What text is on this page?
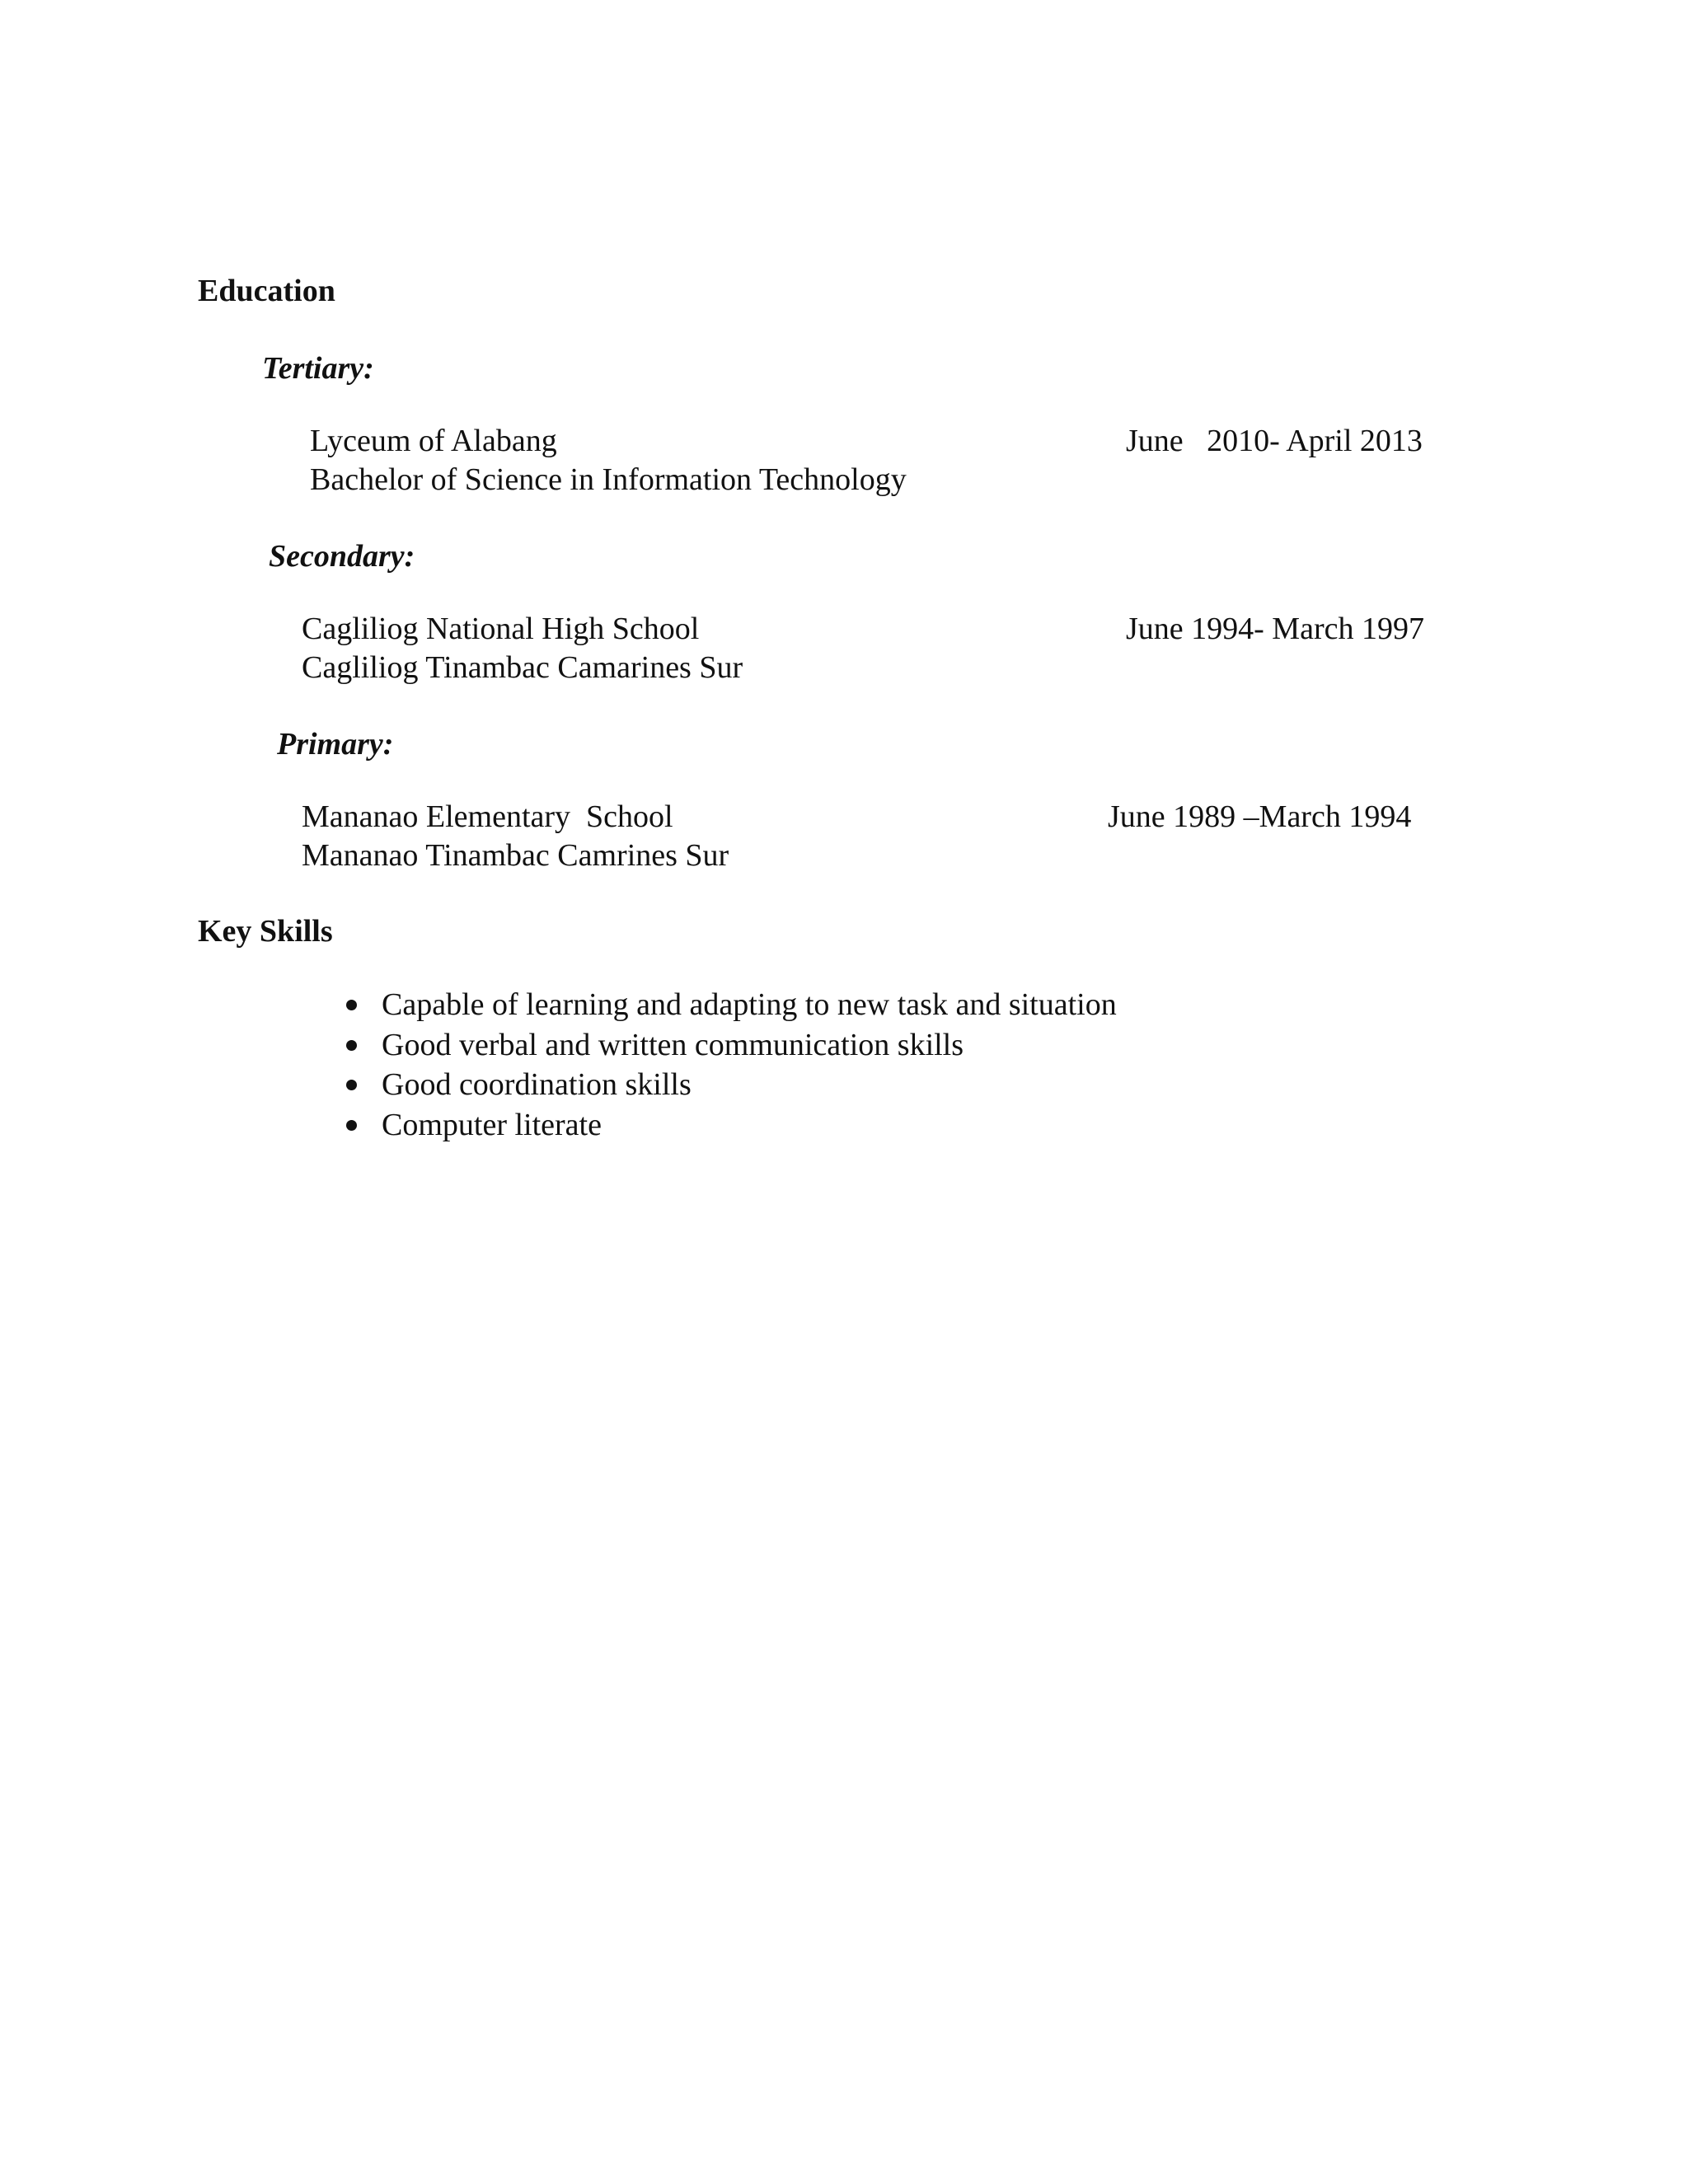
Education
Tertiary:
Lyceum of Alabang	June   2010- April 2013
Bachelor of Science in Information Technology
Secondary:
Cagliliog National High School	June 1994- March 1997
Cagliliog Tinambac Camarines Sur
Primary:
Mananao Elementary  School	June 1989 –March 1994
Mananao Tinambac Camrines Sur
Key Skills
Capable of learning and adapting to new task and situation
Good verbal and written communication skills
Good coordination skills
Computer literate
